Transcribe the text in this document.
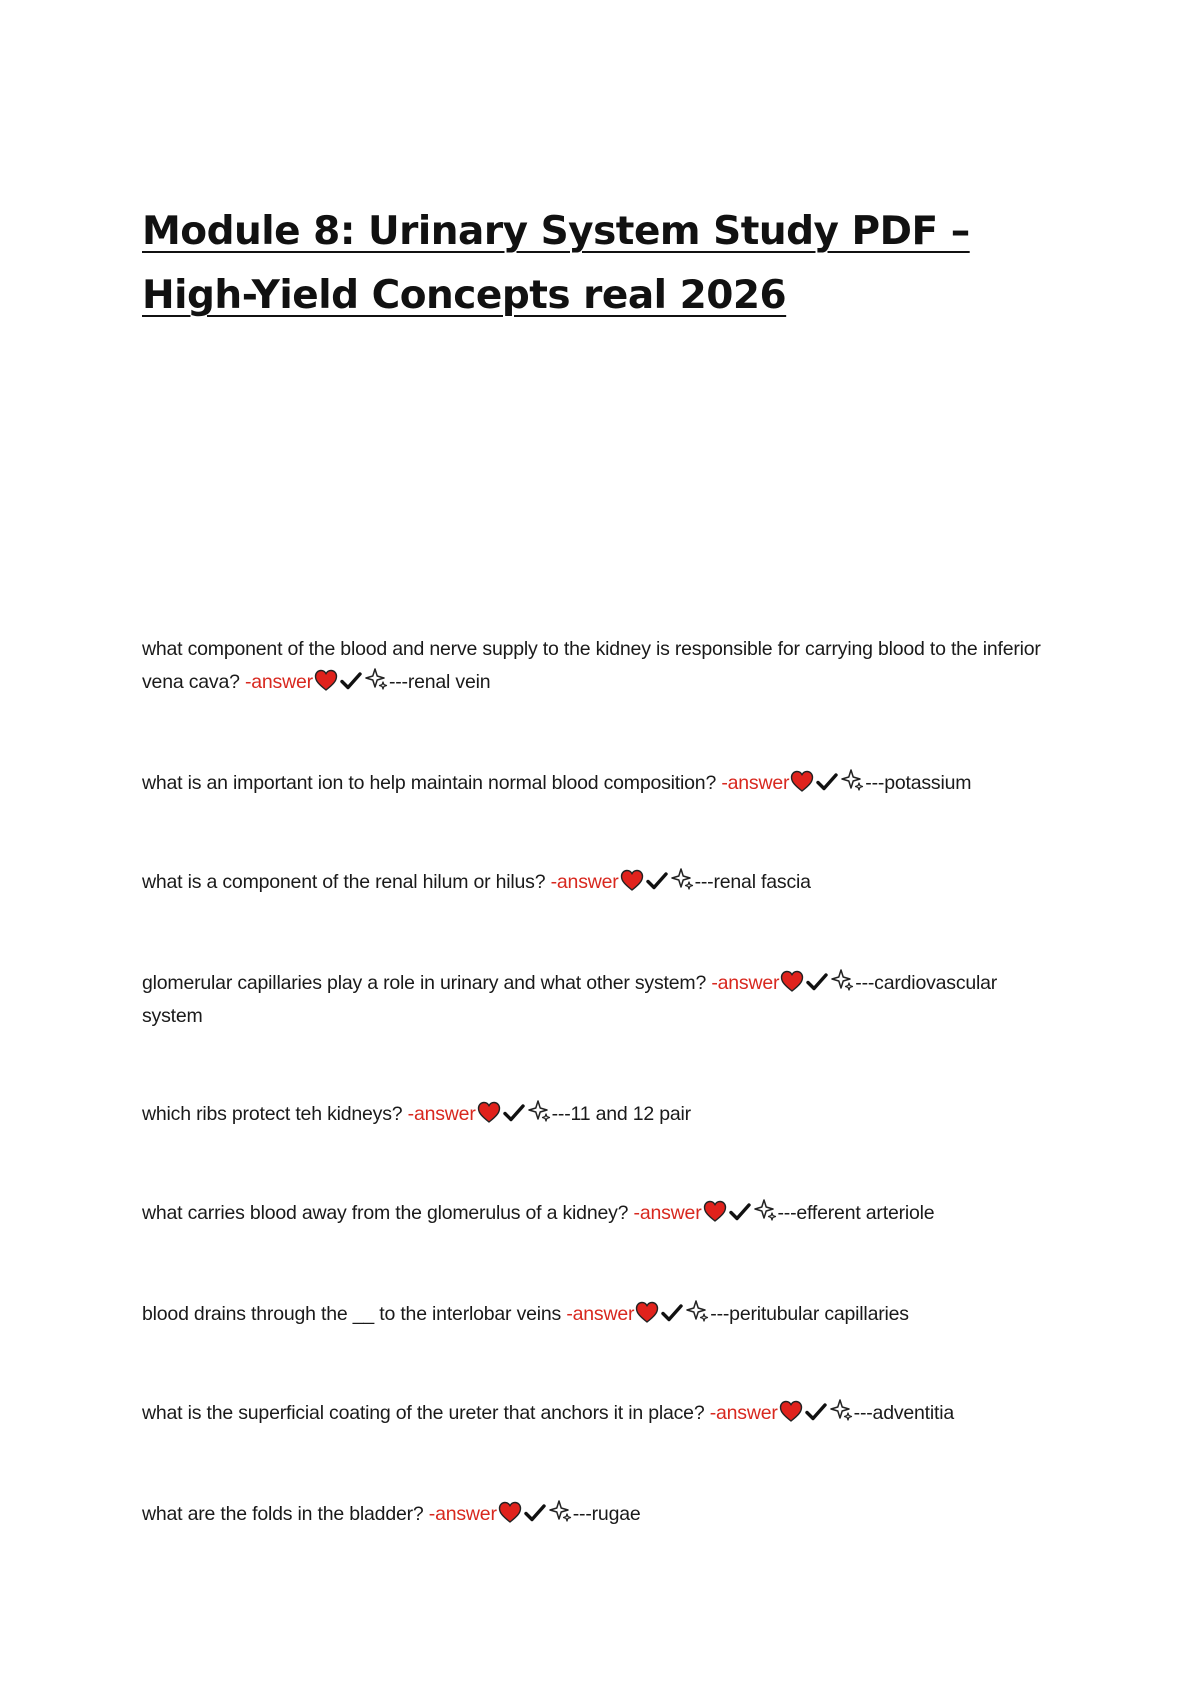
Module 8: Urinary System Study PDF – High-Yield Concepts real 2026

what component of the blood and nerve supply to the kidney is responsible for carrying blood to the inferior vena cava? -answer	---renal vein

what is an important ion to help maintain normal blood composition? -answer	---potassium

what is a component of the renal hilum or hilus? -answer	---renal fascia

glomerular capillaries play a role in urinary and what other system? -answer	---cardiovascular system

which ribs protect teh kidneys? -answer	---11 and 12 pair

what carries blood away from the glomerulus of a kidney? -answer	---efferent arteriole

blood drains through the __ to the interlobar veins -answer	---peritubular capillaries

what is the superficial coating of the ureter that anchors it in place? -answer	---adventitia

what are the folds in the bladder? -answer	---rugae
